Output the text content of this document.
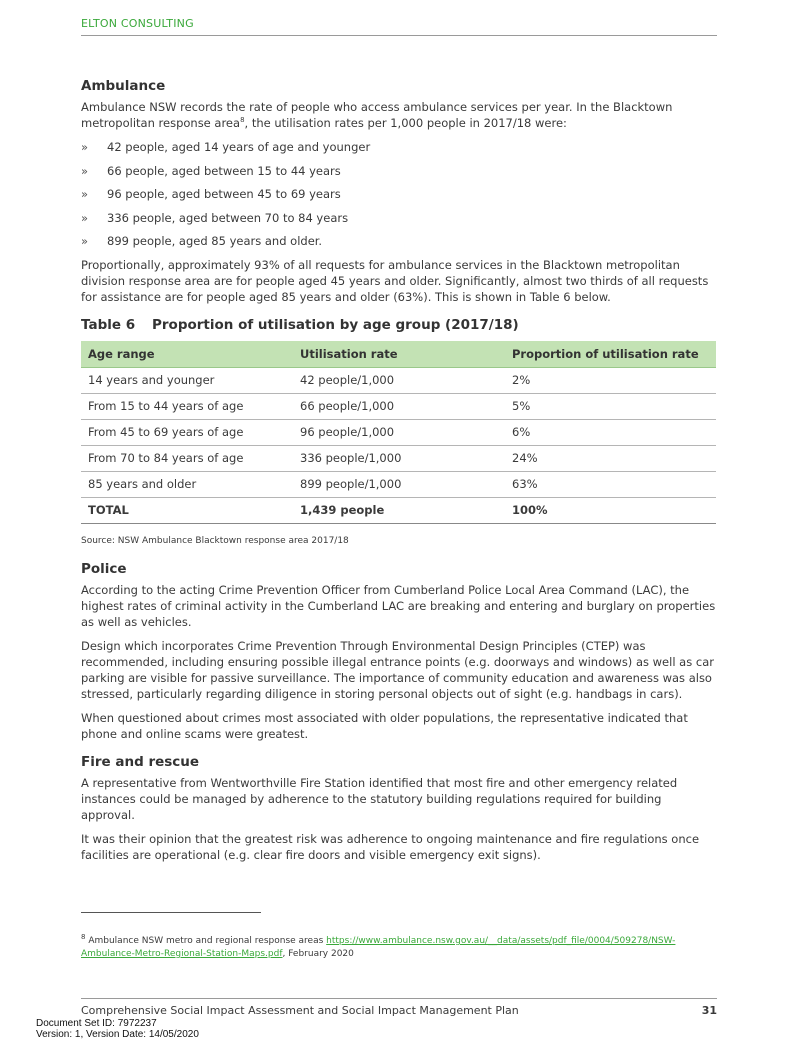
ELTON CONSULTING
Ambulance

Ambulance NSW records the rate of people who access ambulance services per year. In the Blacktown metropolitan response area$^8$, the utilisation rates per 1,000 people in 2017/18 were:

» 42 people, aged 14 years of age and younger
» 66 people, aged between 15 to 44 years
» 96 people, aged between 45 to 69 years
» 336 people, aged between 70 to 84 years
» 899 people, aged 85 years and older.

Proportionally, approximately 93% of all requests for ambulance services in the Blacktown metropolitan division response area are for people aged 45 years and older. Significantly, almost two thirds of all requests for assistance are for people aged 85 years and older (63%). This is shown in Table 6 below.

Table 6 Proportion of utilisation by age group (2017/18)
Age range	Utilisation rate	Proportion of utilisation rate
14 years and younger	42 people/1,000	2%
From 15 to 44 years of age	66 people/1,000	5%
From 45 to 69 years of age	96 people/1,000	6%
From 70 to 84 years of age	336 people/1,000	24%
85 years and older	899 people/1,000	63%
TOTAL	1,439 people	100%
Source: NSW Ambulance Blacktown response area 2017/18
Police

According to the acting Crime Prevention Officer from Cumberland Police Local Area Command (LAC), the highest rates of criminal activity in the Cumberland LAC are breaking and entering and burglary on properties as well as vehicles.

Design which incorporates Crime Prevention Through Environmental Design Principles (CTEP) was recommended, including ensuring possible illegal entrance points (e.g. doorways and windows) as well as car parking are visible for passive surveillance. The importance of community education and awareness was also stressed, particularly regarding diligence in storing personal objects out of sight (e.g. handbags in cars).

When questioned about crimes most associated with older populations, the representative indicated that phone and online scams were greatest.

Fire and rescue

A representative from Wentworthville Fire Station identified that most fire and other emergency related instances could be managed by adherence to the statutory building regulations required for building approval.

It was their opinion that the greatest risk was adherence to ongoing maintenance and fire regulations once facilities are operational (e.g. clear fire doors and visible emergency exit signs).

$^8$ Ambulance NSW metro and regional response areas https://www.ambulance.nsw.gov.au/__data/assets/pdf_file/0004/509278/NSW-Ambulance-Metro-Regional-Station-Maps.pdf, February 2020
Comprehensive Social Impact Assessment and Social Impact Management Plan	31
Document Set ID: 7972237
Version: 1, Version Date: 14/05/2020
